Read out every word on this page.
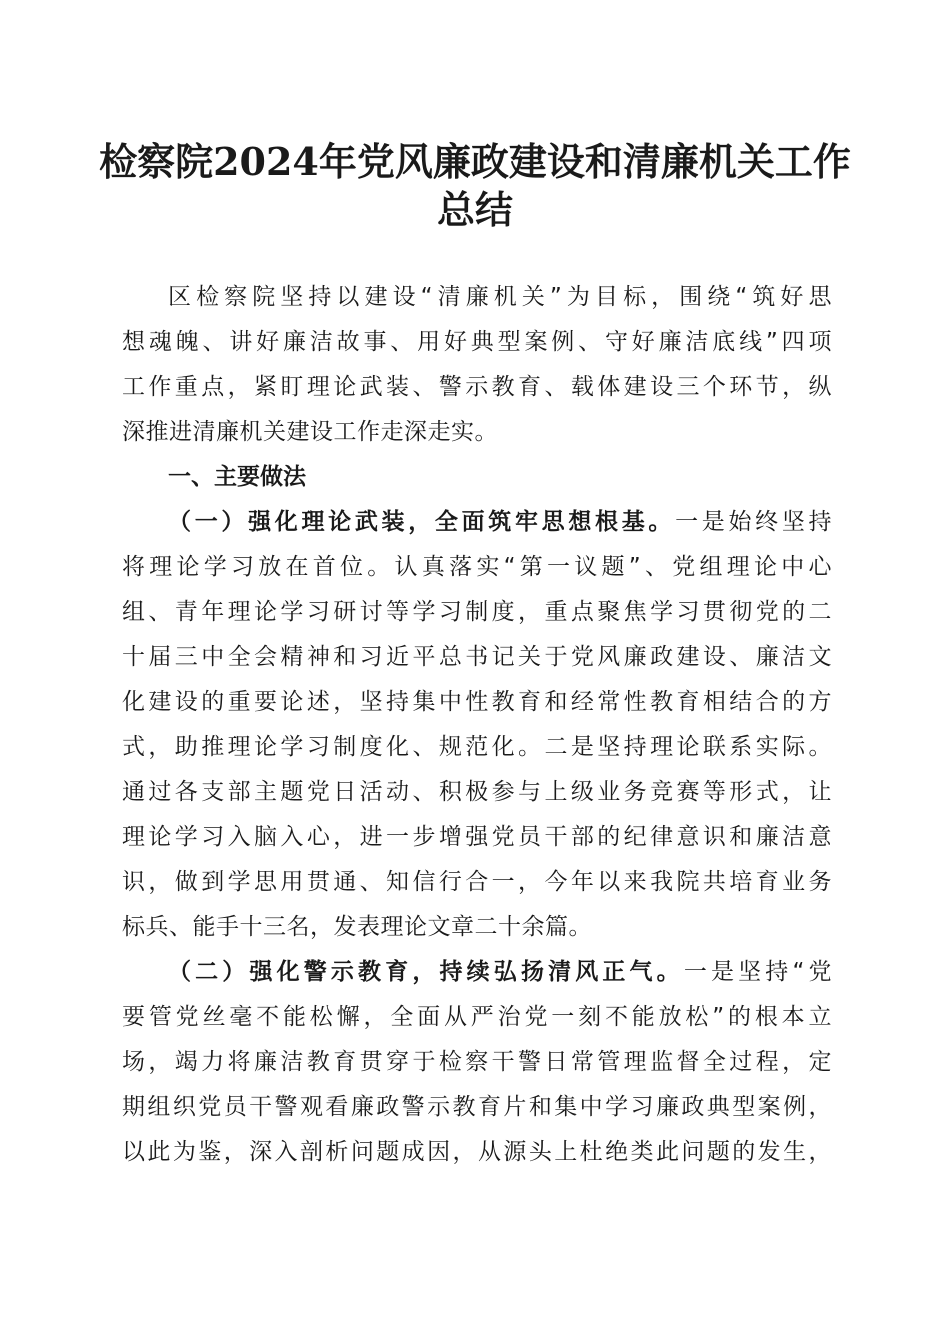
检察院2024年党风廉政建设和清廉机关工作
总结
区检察院坚持以建设“清廉机关”为目标，围绕“筑好思
想魂魄、讲好廉洁故事、用好典型案例、守好廉洁底线”四项
工作重点，紧盯理论武装、警示教育、载体建设三个环节，纵
深推进清廉机关建设工作走深走实。
一、主要做法
（一）强化理论武装，全面筑牢思想根基。一是始终坚持
将理论学习放在首位。认真落实“第一议题”、党组理论中心
组、青年理论学习研讨等学习制度，重点聚焦学习贯彻党的二
十届三中全会精神和习近平总书记关于党风廉政建设、廉洁文
化建设的重要论述，坚持集中性教育和经常性教育相结合的方
式，助推理论学习制度化、规范化。二是坚持理论联系实际。
通过各支部主题党日活动、积极参与上级业务竞赛等形式，让
理论学习入脑入心，进一步增强党员干部的纪律意识和廉洁意
识，做到学思用贯通、知信行合一，今年以来我院共培育业务
标兵、能手十三名，发表理论文章二十余篇。
（二）强化警示教育，持续弘扬清风正气。一是坚持“党
要管党丝毫不能松懈，全面从严治党一刻不能放松”的根本立
场，竭力将廉洁教育贯穿于检察干警日常管理监督全过程，定
期组织党员干警观看廉政警示教育片和集中学习廉政典型案例，
以此为鉴，深入剖析问题成因，从源头上杜绝类此问题的发生，
